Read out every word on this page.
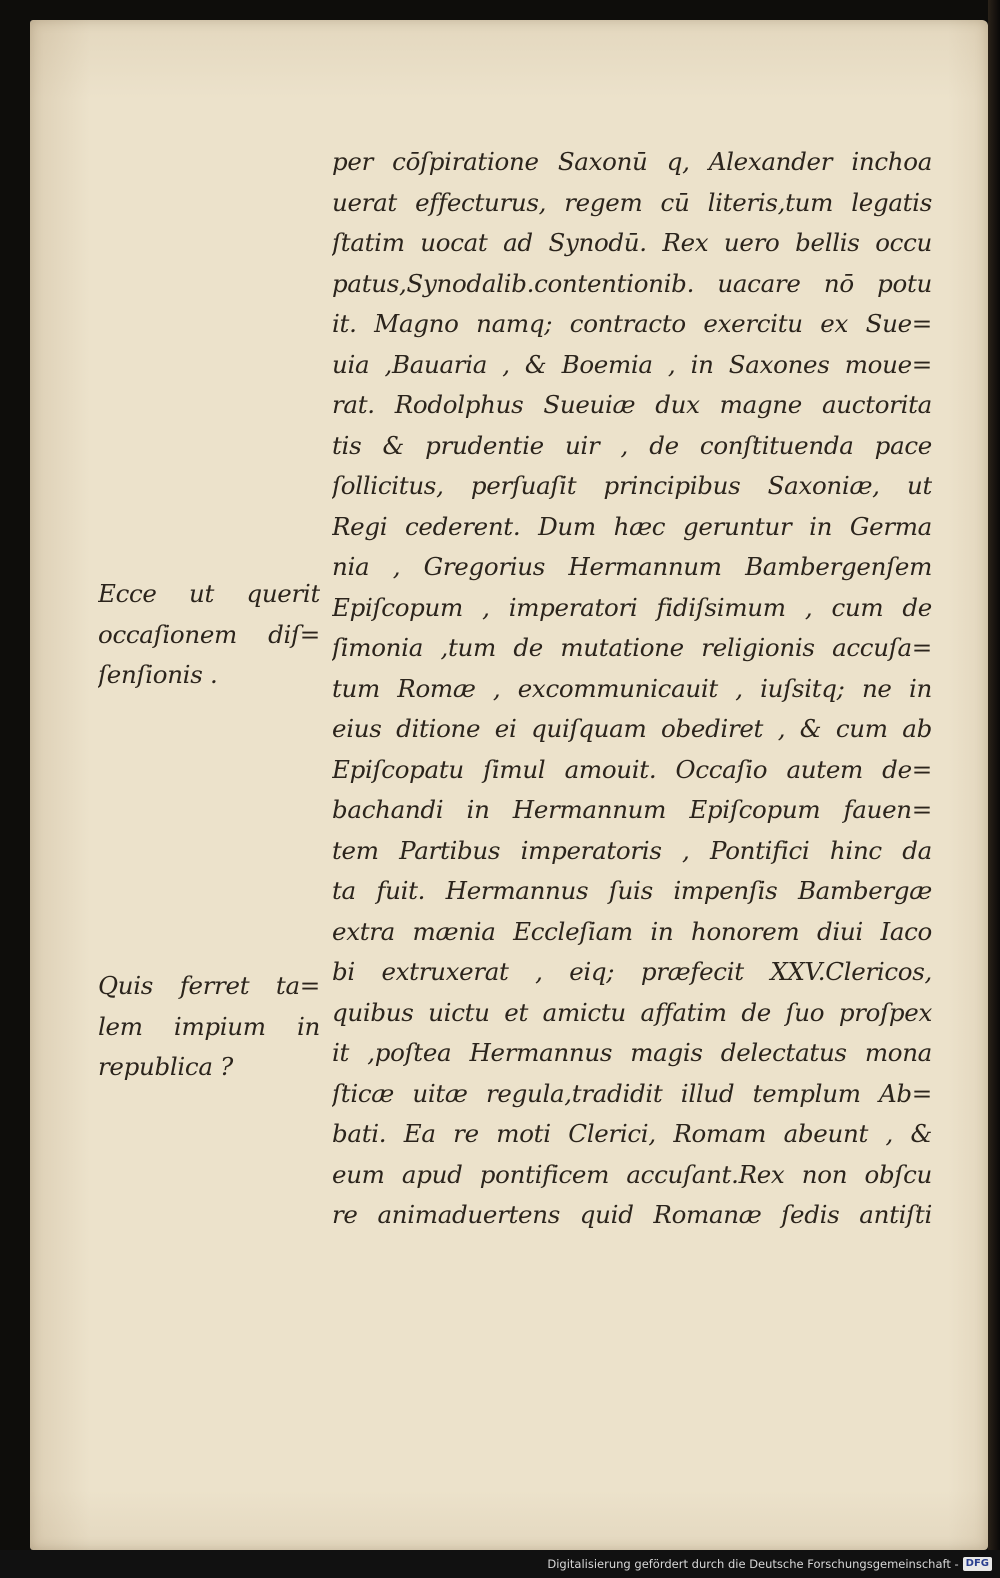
per cōſpiratione Saxonū q, Alexander inchoa
uerat effecturus, regem cū literis,tum legatis
ſtatim uocat ad Synodū. Rex uero bellis occu
patus,Synodalib.contentionib. uacare nō potu
it. Magno namq; contracto exercitu ex Sue=
uia ,Bauaria , & Boemia , in Saxones moue=
rat. Rodolphus Sueuiæ dux magne auctorita
tis & prudentie uir , de conſtituenda pace
ſollicitus, perſuaſit principibus Saxoniæ, ut
Regi cederent. Dum hæc geruntur in Germa
nia , Gregorius Hermannum Bambergenſem
Epiſcopum , imperatori fidiſsimum , cum de
ſimonia ,tum de mutatione religionis accuſa=
tum Romæ , excommunicauit , iuſsitq; ne in
eius ditione ei quiſquam obediret , & cum ab
Epiſcopatu ſimul amouit. Occaſio autem de=
bachandi in Hermannum Epiſcopum fauen=
tem Partibus imperatoris , Pontifici hinc da
ta fuit. Hermannus ſuis impenſis Bambergæ
extra mænia Eccleſiam in honorem diui Iaco
bi extruxerat , eiq; præfecit XXV.Clericos,
quibus uictu et amictu affatim de ſuo proſpex
it ,poſtea Hermannus magis delectatus mona
ſticæ uitæ regula,tradidit illud templum Ab=
bati. Ea re moti Clerici, Romam abeunt , &
eum apud pontificem accuſant.Rex non obſcu
re animaduertens quid Romanæ ſedis antiſti
Ecce ut querit
occaſionem diſ=
ſenſionis .
Quis ferret ta=
lem impium in
republica ?
Digitalisierung gefördert durch die Deutsche Forschungsgemeinschaft - DFG
